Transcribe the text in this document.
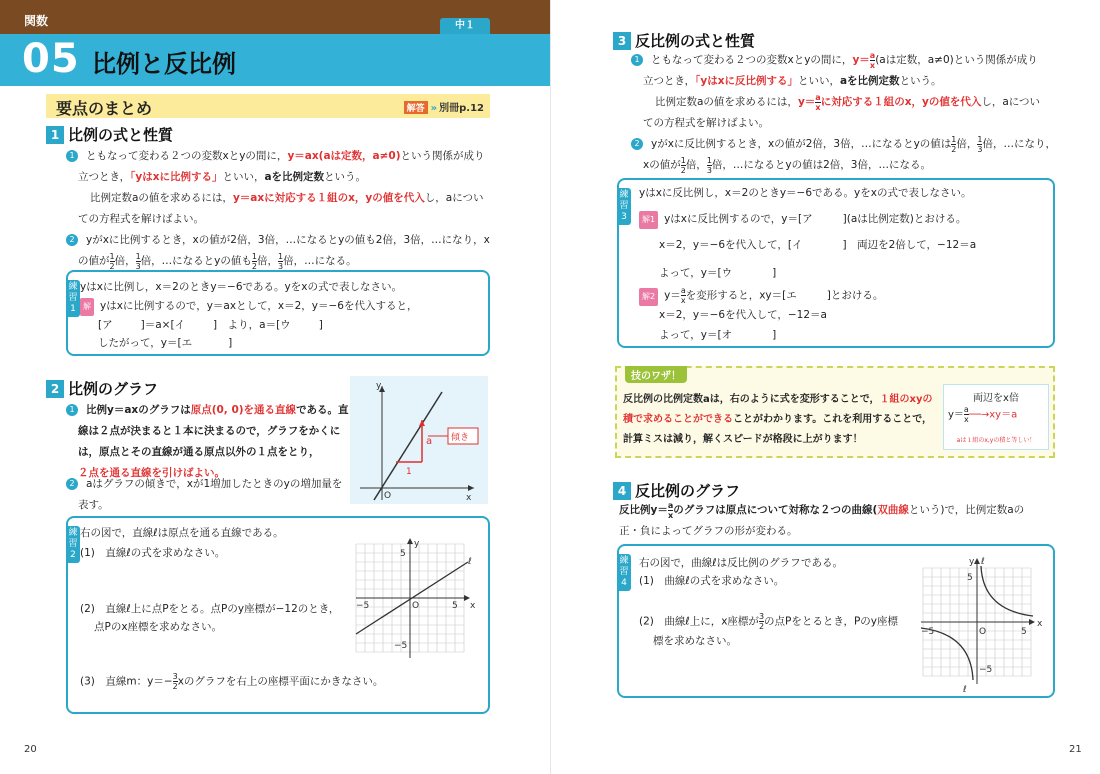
関数	中１
05 比例と反比例
要点のまとめ	解答 » 別冊p.12
1 比例の式と性質
1 ともなって変わる２つの変数xとyの間に，y＝ax(aは定数，a≠0)という関係が成り
立つとき，「yはxに比例する」といい，aを比例定数という。
比例定数aの値を求めるには，y＝axに対応する１組のx，yの値を代入し，aについ
ての方程式を解けばよい。
2 yがxに比例するとき，xの値が2倍，3倍，…になるとyの値も2倍，3倍，…になり，x
の値が $\frac{1}{2}$ 倍， $\frac{1}{3}$ 倍，…になるとyの値も $\frac{1}{2}$ 倍， $\frac{1}{3}$ 倍，…になる。
練習1
yはxに比例し，x＝2のときy＝−6である。yをxの式で表しなさい。
解 yはxに比例するので，y＝axとして，x＝2，y＝−6を代入すると，
[ア	]＝a×[イ	]　より，a＝[ウ	]
したがって，y＝[エ	]
2 比例のグラフ
1 比例y＝axのグラフは原点(0, 0)を通る直線である。直
線は２点が決まると１本に決まるので，グラフをかくに
は，原点とその直線が通る原点以外の１点をとり，
２点を通る直線を引けばよい。
2 aはグラフの傾きで，xが1増加したときのyの増加量を
表す。
y
x
O
a
1
傾き
練習2
右の図で，直線ℓは原点を通る直線である。
(1)　直線ℓの式を求めなさい。
(2)　直線ℓ上に点Pをとる。点Pのy座標が−12のとき，
点Pのx座標を求めなさい。
(3)　直線m：$y=- \frac{3}{2}$ xのグラフを右上の座標平面にかきなさい。
y
x
ℓ
5
−5
−5	5
O
20
3 反比例の式と性質
1 ともなって変わる２つの変数xとyの間に，$y= \frac{a}{x} (a$は定数，a≠0)という関係が成り
立つとき，「yはxに反比例する」といい，aを比例定数という。
比例定数aの値を求めるには，$y= \frac{a}{x}$ に対応する１組のx，yの値を代入し，aについ
ての方程式を解けばよい。
2 yがxに反比例するとき，xの値が2倍，3倍，…になるとyの値は $\frac{1}{2}$ 倍， $\frac{1}{3}$ 倍，…になり，
xの値が $\frac{1}{2}$ 倍， $\frac{1}{3}$ 倍，…になるとyの値は2倍，3倍，…になる。
練習3
yはxに反比例し，x＝2のときy＝−6である。yをxの式で表しなさい。
解1 yはxに反比例するので，y＝[ア	](aは比例定数)とおける。
x＝2，y＝−6を代入して，[イ	]　両辺を2倍して，−12＝a
よって，y＝[ウ	]
解2 $y= \frac{a}{x}$ を変形すると，xy＝[エ	]とおける。
x＝2，y＝−6を代入して，−12＝a
よって，y＝[オ	]
技のワザ！
反比例の比例定数aは，右のように式を変形することで，１組のxyの
積で求めることができることがわかります。これを利用することで，
計算ミスは減り，解くスピードが格段に上がります！
両辺をx倍
$y= \frac{a}{x}$ ──→xy＝a
aは１組のx,yの積と等しい！
4 反比例のグラフ
反比例$y= \frac{a}{x}$ のグラフは原点について対称な２つの曲線(双曲線という)で，比例定数aの
正・負によってグラフの形が変わる。
練習4
右の図で，曲線ℓは反比例のグラフである。
(1)　曲線ℓの式を求めなさい。
(2)　曲線ℓ上に，x座標が $\frac{3}{2}$ の点Pをとるとき，Pのy座標
標を求めなさい。
y ℓ
x
ℓ
5
−5
−5	5
O
21
